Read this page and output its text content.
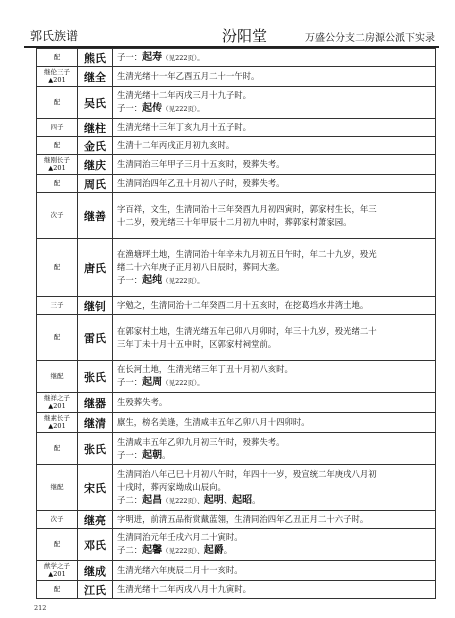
郭氏族谱	汾阳堂	万盛公分支二房源公派下实录
配	熊氏	子一：起寿（见222页）。

继伦三子
▲201	继全	生清光绪十一年乙酉五月二十一午时。

配	吴氏	生清光绪十二年丙戌三月十九子时。
子一：起传（见222页）。

四子	继柱	生清光绪十三年丁亥九月十五子时。

配	金氏	生清十二年丙戌正月初九亥时。

继刚长子
▲201	继庆	生清同治三年甲子三月十五亥时，殁葬失考。

配	周氏	生清同治四年乙丑十月初八子时，殁葬失考。

次子	继善	字百祥，文生，生清同治十三年癸酉九月初四寅时，郭家村生长，年三
十二岁，殁光绪三十年甲辰十二月初九申时，葬郭家村萧家园。

配	唐氏	在渔塘坪土地，生清同治十年辛未九月初五日午时，年二十九岁，殁光
绪二十六年庚子正月初八日辰时，葬同大垄。
子一：起纯（见222页）。

三子	继钊	字勉之，生清同治十二年癸酉二月十五亥时，在挖葛垱水井湾土地。

配	雷氏	在郭家村土地，生清光绪五年己卯八月卯时，年三十九岁，殁光绪二十
三年丁未十月十五申时，区郭家村祠堂前。

继配	张氏	在长河土地，生清光绪三年丁丑十月初八亥时。
子一：起周（见222页）。

继祥之子
▲201	继器	生殁葬失考。

继素长子
▲201	继清	廪生，榜名美逢，生清咸丰五年乙卯八月十四卯时。

配	张氏	生清咸丰五年乙卯九月初三午时，殁葬失考。
子一：起朝。

继配	宋氏	生清同治八年己巳十月初八午时，年四十一岁，殁宣统二年庚戌八月初
十戌时，葬丙家坳成山辰向。
子二：起昌（见222页）、起明、起昭。

次子	继亮	字明进，前清五品衔赏戴蓝翎，生清同治四年乙丑正月二十六子时。

配	邓氏	生清同治元年壬戌六月二十寅时。
子二：起馨（见222页）、起爵。

猷学之子
▲201	继成	生清光绪六年庚辰二月十一亥时。

配	江氏	生清光绪十二年丙戌八月十九寅时。
212
